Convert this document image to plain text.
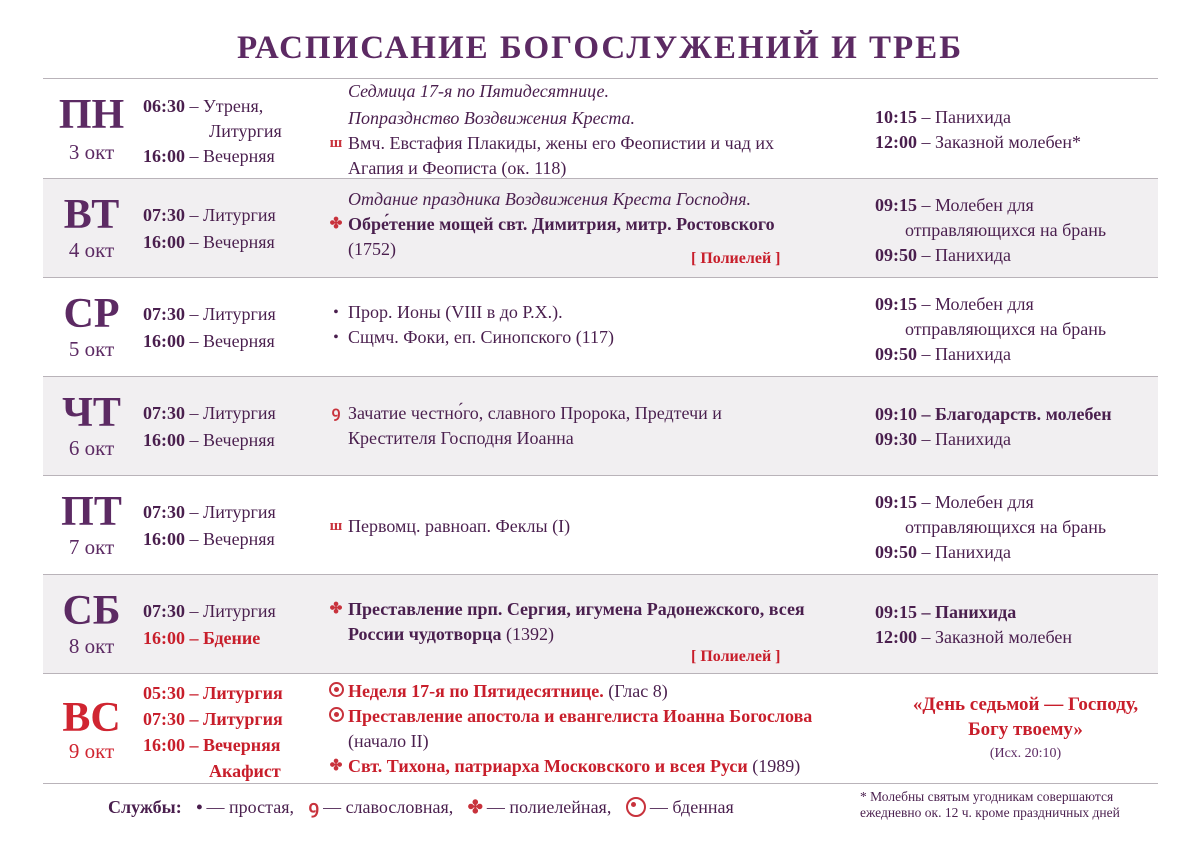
РАСПИСАНИЕ БОГОСЛУЖЕНИЙ И ТРЕБ
ПН
3 окт
06:30 – Утреня,
Литургия
16:00 – Вечерняя
Седмица 17-я по Пятидесятнице.
Попразднство Воздвижения Креста.
ш Вмч. Евстафия Плакиды, жены его Феопистии и чад их
Агапия и Феописта (ок. 118)
10:15 – Панихида
12:00 – Заказной молебен*
ВТ
4 окт
07:30 – Литургия
16:00 – Вечерняя
Отдание праздника Воздвижения Креста Господня.
✤ Обре́тение мощей свт. Димитрия, митр. Ростовского
(1752)	[ Полиелей ]
09:15 – Молебен для
отправляющихся на брань
09:50 – Панихида
СР
5 окт
07:30 – Литургия
16:00 – Вечерняя
• Прор. Ионы (VIII в до Р.Х.).
• Сщмч. Фоки, еп. Синопского (117)
09:15 – Молебен для
отправляющихся на брань
09:50 – Панихида
ЧТ
6 окт
07:30 – Литургия
16:00 – Вечерняя
ꝯ Зачатие честно́го, славного Пророка, Предтечи и
Крестителя Господня Иоанна
09:10 – Благодарств. молебен
09:30 – Панихида
ПТ
7 окт
07:30 – Литургия
16:00 – Вечерняя
ш Первомц. равноап. Феклы (I)
09:15 – Молебен для
отправляющихся на брань
09:50 – Панихида
СБ
8 окт
07:30 – Литургия
16:00 – Бдение
✤ Преставление прп. Сергия, игумена Радонежского, всея
России чудотворца (1392)
[ Полиелей ]
09:15 – Панихида
12:00 – Заказной молебен
ВС
9 окт
05:30 – Литургия
07:30 – Литургия
16:00 – Вечерняя
Акафист
Неделя 17-я по Пятидесятнице. (Глас 8)
Преставление апостола и евангелиста Иоанна Богослова
(начало II)
✤ Свт. Тихона, патриарха Московского и всея Руси (1989)
«День седьмой — Господу, Богу твоему»
(Исх. 20:10)
Службы: • — простая, ꝯ — славословная, ✤ — полиелейная, — бденная
* Молебны святым угодникам совершаются
ежедневно ок. 12 ч. кроме праздничных дней
